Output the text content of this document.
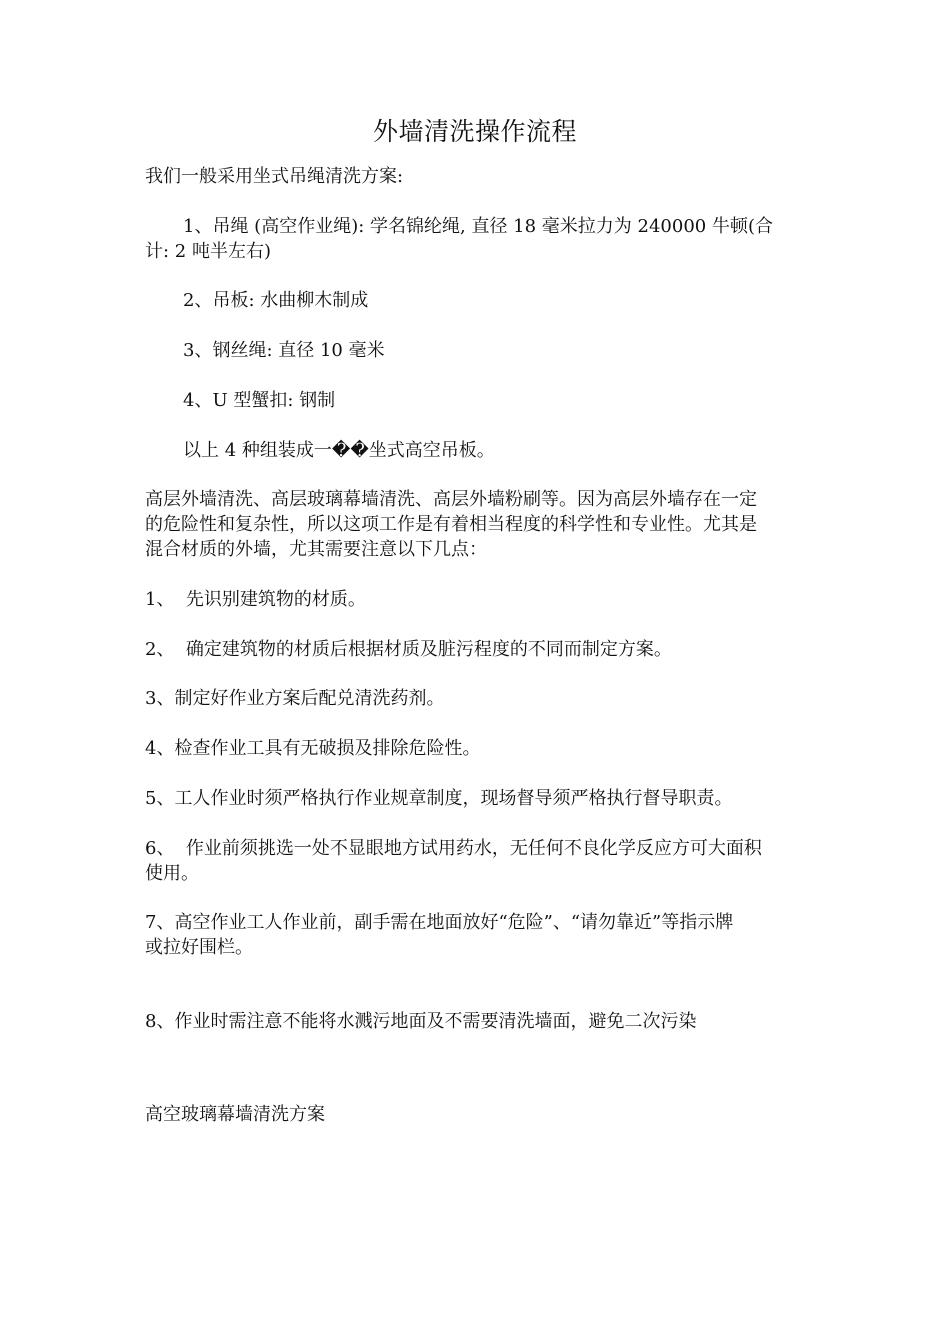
外墙清洗操作流程
我们一般采用坐式吊绳清洗方案:
1、吊绳 (高空作业绳): 学名锦纶绳, 直径 18 毫米拉力为 240000 牛顿(合
计: 2 吨半左右)
2、吊板: 水曲柳木制成
3、钢丝绳: 直径 10 毫米
4、U 型蟹扣: 钢制
以上 4 种组装成一��坐式高空吊板。
高层外墙清洗、高层玻璃幕墙清洗、高层外墙粉刷等。因为高层外墙存在一定
的危险性和复杂性，所以这项工作是有着相当程度的科学性和专业性。尤其是
混合材质的外墙，尤其需要注意以下几点：
1、  先识别建筑物的材质。
2、  确定建筑物的材质后根据材质及脏污程度的不同而制定方案。
3、制定好作业方案后配兑清洗药剂。
4、检查作业工具有无破损及排除危险性。
5、工人作业时须严格执行作业规章制度，现场督导须严格执行督导职责。
6、  作业前须挑选一处不显眼地方试用药水，无任何不良化学反应方可大面积
使用。
7、高空作业工人作业前，副手需在地面放好“危险”、“请勿靠近”等指示牌
或拉好围栏。
8、作业时需注意不能将水溅污地面及不需要清洗墙面，避免二次污染
高空玻璃幕墙清洗方案
